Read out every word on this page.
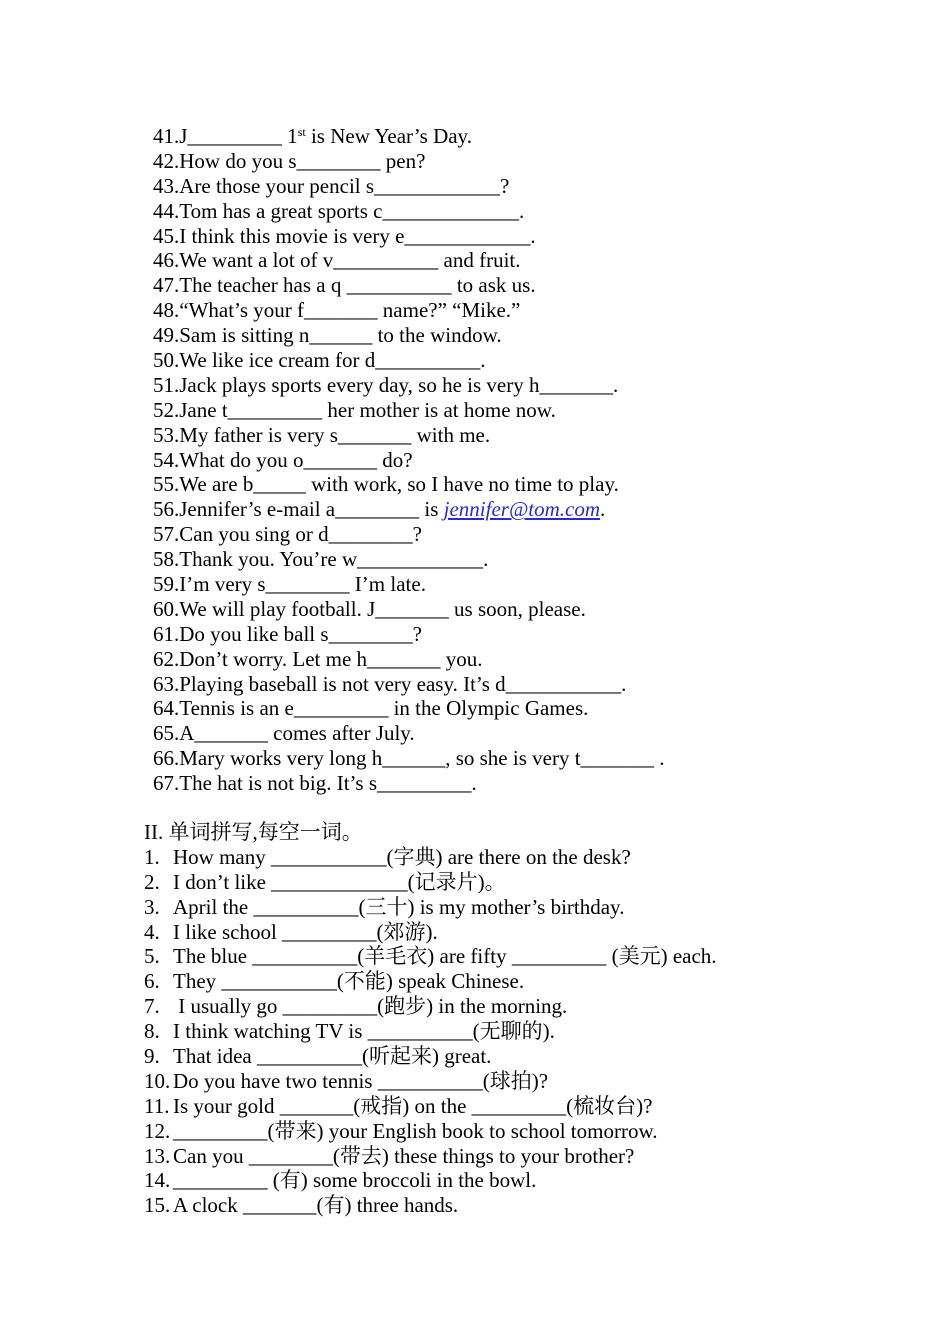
41.J_________ 1st is New Year’s Day.
42.How do you s________ pen?
43.Are those your pencil s____________?
44.Tom has a great sports c_____________.
45.I think this movie is very e____________.
46.We want a lot of v__________ and fruit.
47.The teacher has a q __________ to ask us.
48.“What’s your f_______ name?” “Mike.”
49.Sam is sitting n______ to the window.
50.We like ice cream for d__________.
51.Jack plays sports every day, so he is very h_______.
52.Jane t_________ her mother is at home now.
53.My father is very s_______ with me.
54.What do you o_______ do?
55.We are b_____ with work, so I have no time to play.
56.Jennifer’s e-mail a________ is jennifer@tom.com.
57.Can you sing or d________?
58.Thank you. You’re w____________.
59.I’m very s________ I’m late.
60.We will play football. J_______ us soon, please.
61.Do you like ball s________?
62.Don’t worry. Let me h_______ you.
63.Playing baseball is not very easy. It’s d___________.
64.Tennis is an e_________ in the Olympic Games.
65.A_______ comes after July.
66.Mary works very long h______, so she is very t_______ .
67.The hat is not big. It’s s_________.
II. 单词拼写,每空一词。
1. How many ___________(字典) are there on the desk?
2. I don’t like _____________(记录片)。
3. April the __________(三十) is my mother’s birthday.
4. I like school _________(郊游).
5. The blue __________(羊毛衣) are fifty _________ (美元) each.
6. They ___________(不能) speak Chinese.
7. I usually go _________(跑步) in the morning.
8. I think watching TV is __________(无聊的).
9. That idea __________(听起来) great.
10. Do you have two tennis __________(球拍)?
11. Is your gold _______(戒指) on the _________(梳妆台)?
12. _________(带来) your English book to school tomorrow.
13. Can you ________(带去) these things to your brother?
14. _________ (有) some broccoli in the bowl.
15. A clock _______(有) three hands.
